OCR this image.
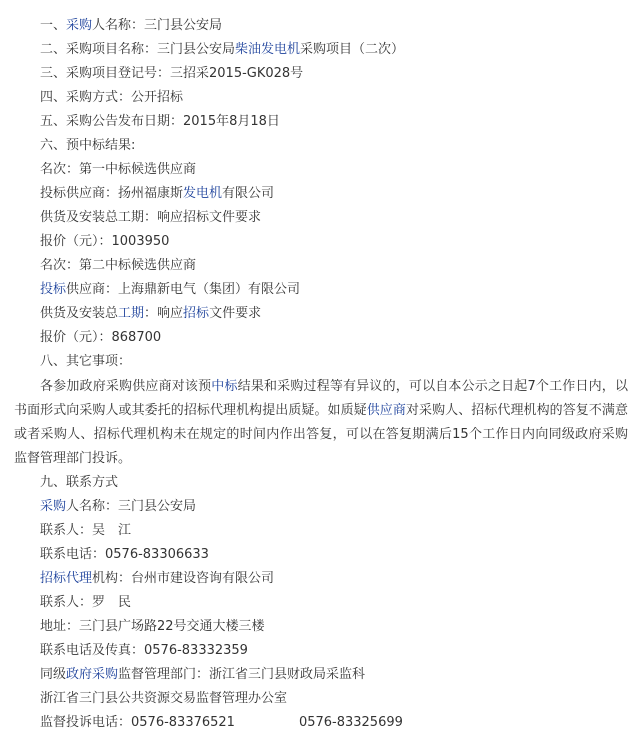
一、采购人名称：三门县公安局
二、采购项目名称：三门县公安局柴油发电机采购项目（二次）
三、采购项目登记号：三招采2015-GK028号
四、采购方式：公开招标
五、采购公告发布日期：2015年8月18日
六、预中标结果:
名次：第一中标候选供应商
投标供应商：扬州福康斯发电机有限公司
供货及安装总工期：响应招标文件要求
报价（元）：1003950
名次：第二中标候选供应商
投标供应商：上海鼎新电气（集团）有限公司
供货及安装总工期：响应招标文件要求
报价（元）：868700
八、其它事项：
各参加政府采购供应商对该预中标结果和采购过程等有异议的，可以自本公示之日起7个工作日内，以书面形式向采购人或其委托的招标代理机构提出质疑。如质疑供应商对采购人、招标代理机构的答复不满意或者采购人、招标代理机构未在规定的时间内作出答复，可以在答复期满后15个工作日内向同级政府采购监督管理部门投诉。
九、联系方式
采购人名称：三门县公安局
联系人：吴　江
联系电话：0576-83306633
招标代理机构：台州市建设咨询有限公司
联系人：罗　民
地址：三门县广场路22号交通大楼三楼
联系电话及传真：0576-83332359
同级政府采购监督管理部门：浙江省三门县财政局采监科
浙江省三门县公共资源交易监督管理办公室
监督投诉电话：0576-83376521	0576-83325699
